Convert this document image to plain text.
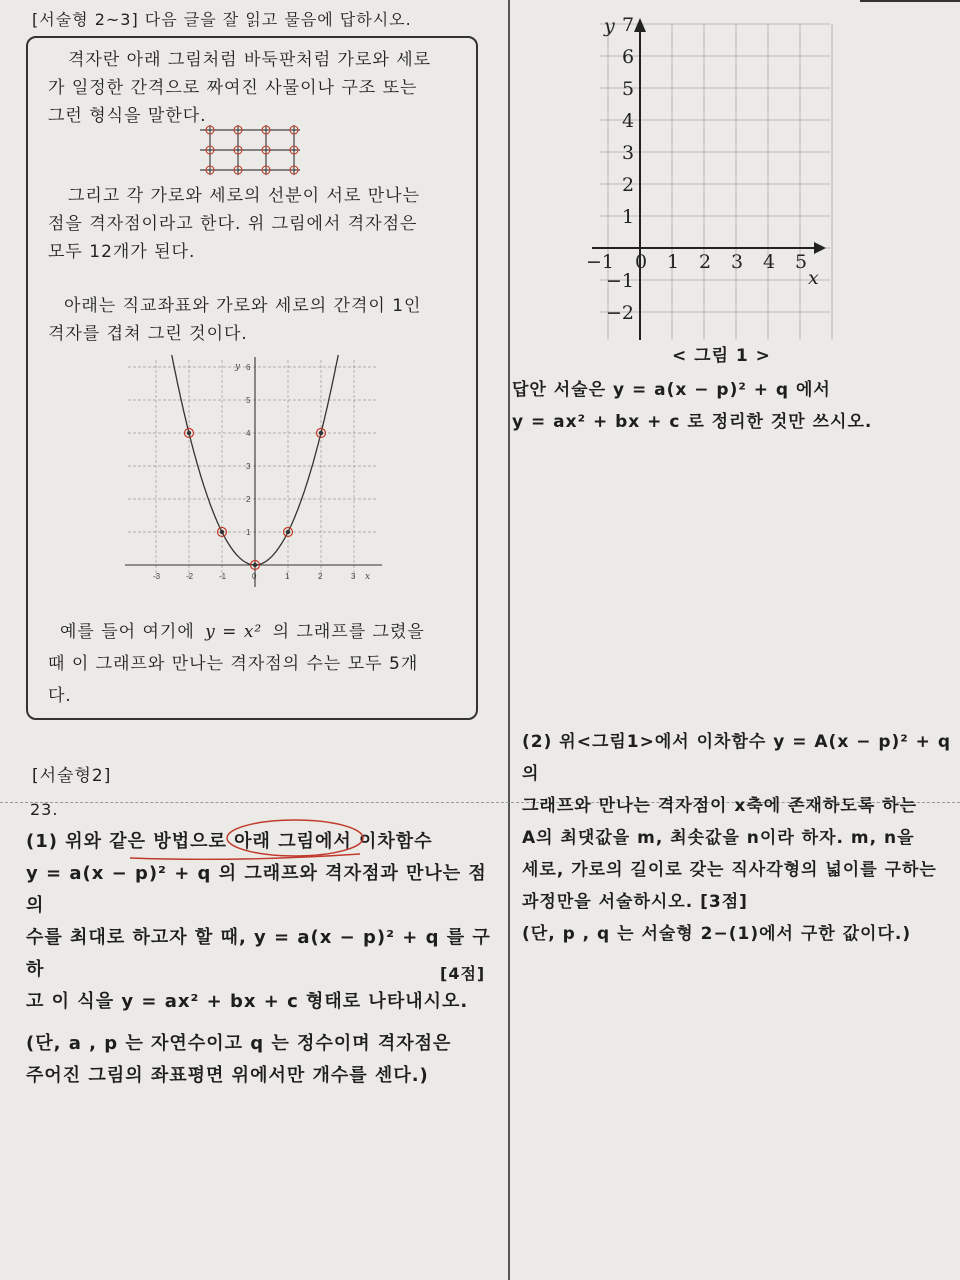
[서술형 2~3] 다음 글을 잘 읽고 물음에 답하시오.
격자란 아래 그림처럼 바둑판처럼 가로와 세로
가 일정한 간격으로 짜여진 사물이나 구조 또는
그런 형식을 말한다.
그리고 각 가로와 세로의 선분이 서로 만나는
점을 격자점이라고 한다. 위 그림에서 격자점은
모두 12개가 된다.
아래는 직교좌표와 가로와 세로의 간격이 1인
격자를 겹쳐 그린 것이다.
-3	-2	-1	0	1	2	3
1
2
3
4
5
6
x
y
예를 들어 여기에 y = x² 의 그래프를 그렸을
때 이 그래프와 만나는 격자점의 수는 모두 5개
다.
[서술형2]
23.
(1) 위와 같은 방법으로 아래 그림에서 이차함수
y = a(x − p)² + q 의 그래프와 격자점과 만나는 점의
수를 최대로 하고자 할 때, y = a(x − p)² + q 를 구하
고 이 식을 y = ax² + bx + c 형태로 나타내시오.
[4점]
(단, a , p 는 자연수이고 q 는 정수이며 격자점은
주어진 그림의 좌표평면 위에서만 개수를 센다.)
−1 0 1 2 3 4 5
7
6
5
4
3
2
1
−1
−2
x
y
< 그림 1 >
답안 서술은 y = a(x − p)² + q 에서
y = ax² + bx + c 로 정리한 것만 쓰시오.
(2) 위<그림1>에서 이차함수 y = A(x − p)² + q 의
그래프와 만나는 격자점이 x축에 존재하도록 하는
A의 최댓값을 m, 최솟값을 n이라 하자. m, n을
세로, 가로의 길이로 갖는 직사각형의 넓이를 구하는
과정만을 서술하시오. [3점]
(단, p , q 는 서술형 2−(1)에서 구한 값이다.)
